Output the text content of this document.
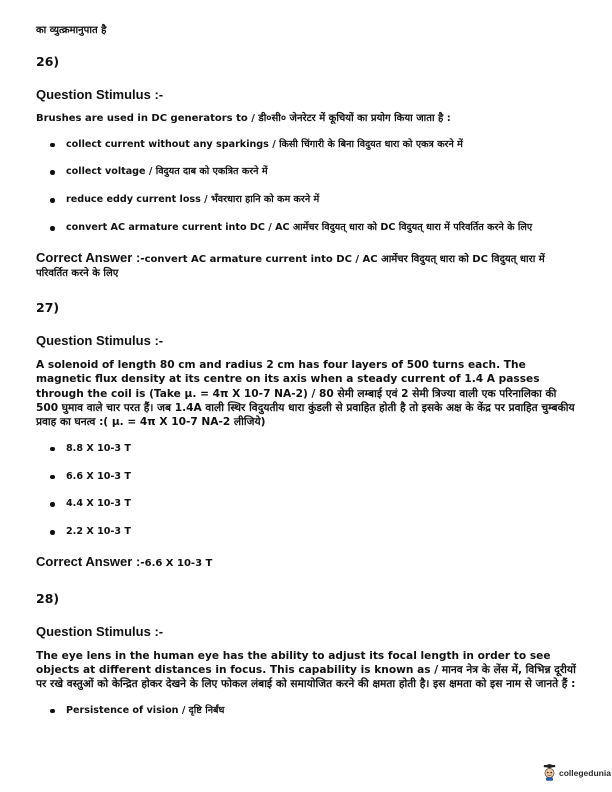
का व्युत्क्रमानुपात है

26)

Question Stimulus :-

Brushes are used in DC generators to / डी०सी० जेनरेटर में कूचियों का प्रयोग किया जाता है :

collect current without any sparkings / किसी चिंगारी के बिना विदुयत धारा को एकत्र करने में
collect voltage / विदुयत दाब को एकत्रित करने में
reduce eddy current loss / भँवरधारा हानि को कम करने में
convert AC armature current into DC / AC आर्मेचर विदुयत् धारा को DC विदुयत् धारा में परिवर्तित करने के लिए

Correct Answer :-convert AC armature current into DC / AC आर्मेचर विदुयत् धारा को DC विदुयत् धारा में परिवर्तित करने के लिए

27)

Question Stimulus :-

A solenoid of length 80 cm and radius 2 cm has four layers of 500 turns each. The magnetic flux density at its centre on its axis when a steady current of 1.4 A passes through the coil is (Take μ. = 4π X 10-7 NA-2) / 80 सेमी लम्बाई एवं 2 सेमी त्रिज्या वाली एक परिनालिका की 500 घुमाव वाले चार परत हैं। जब 1.4A वाली स्थिर विदुयतीय धारा कुंडली से प्रवाहित होती है तो इसके अक्ष के केंद्र पर प्रवाहित चुम्बकीय प्रवाह का घनत्व :( μ. = 4π X 10-7 NA-2 लीजिये)

8.8 X 10-3 T
6.6 X 10-3 T
4.4 X 10-3 T
2.2 X 10-3 T

Correct Answer :-6.6 X 10-3 T

28)

Question Stimulus :-

The eye lens in the human eye has the ability to adjust its focal length in order to see objects at different distances in focus. This capability is known as / मानव नेत्र के लेंस में, विभिन्न दूरीयों पर रखे वस्तुओं को केन्द्रित होकर देखने के लिए फोकल लंबाई को समायोजित करने की क्षमता होती है। इस क्षमता को इस नाम से जानते हैं :

Persistence of vision / दृष्टि निर्बंध
collegedunia
